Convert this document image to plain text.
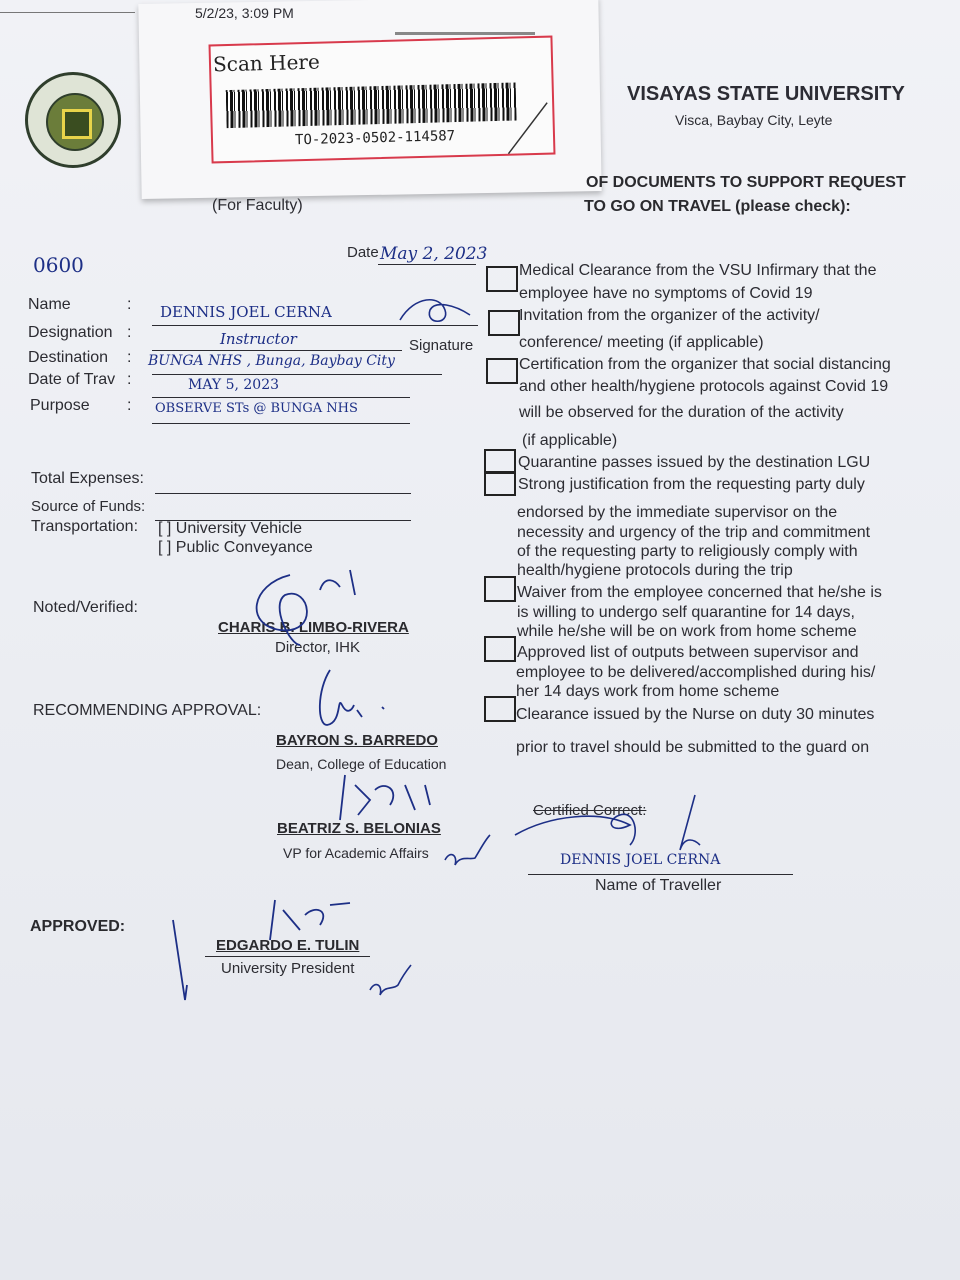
5/2/23, 3:09 PM
Scan Here
TO-2023-0502-114587
VISAYAS STATE UNIVERSITY
Visca, Baybay City, Leyte
(For Faculty)
0600
Date May 2, 2023
Name	: DENNIS JOEL CERNA
Designation :	Instructor	Signature
Destination : BUNGA NHS , Bunga, Baybay City
Date of Trav :	MAY 5, 2023
Purpose : OBSERVE STs @ BUNGA NHS
Total Expenses:
Source of Funds:
Transportation: [ ] University Vehicle
[ ] Public Conveyance
Noted/Verified:
CHARIS B. LIMBO-RIVERA
Director, IHK
RECOMMENDING APPROVAL:
BAYRON S. BARREDO
Dean, College of Education
BEATRIZ S. BELONIAS
VP for Academic Affairs
APPROVED:
EDGARDO E. TULIN
University President
OF DOCUMENTS TO SUPPORT REQUEST
TO GO ON TRAVEL (please check):
Medical Clearance from the VSU Infirmary that the
employee have no symptoms of Covid 19
Invitation from the organizer of the activity/
conference/ meeting (if applicable)
Certification from the organizer that social distancing
and other health/hygiene protocols against Covid 19
will be observed for the duration of the activity
(if applicable)
Quarantine passes issued by the destination LGU
Strong justification from the requesting party duly
endorsed by the immediate supervisor on the
necessity and urgency of the trip and commitment
of the requesting party to religiously comply with
health/hygiene protocols during the trip
Waiver from the employee concerned that he/she is
is willing to undergo self quarantine for 14 days,
while he/she will be on work from home scheme
Approved list of outputs between supervisor and
employee to be delivered/accomplished during his/
her 14 days work from home scheme
Clearance issued by the Nurse on duty 30 minutes
prior to travel should be submitted to the guard on
Certified Correct:
DENNIS JOEL CERNA
Name of Traveller
